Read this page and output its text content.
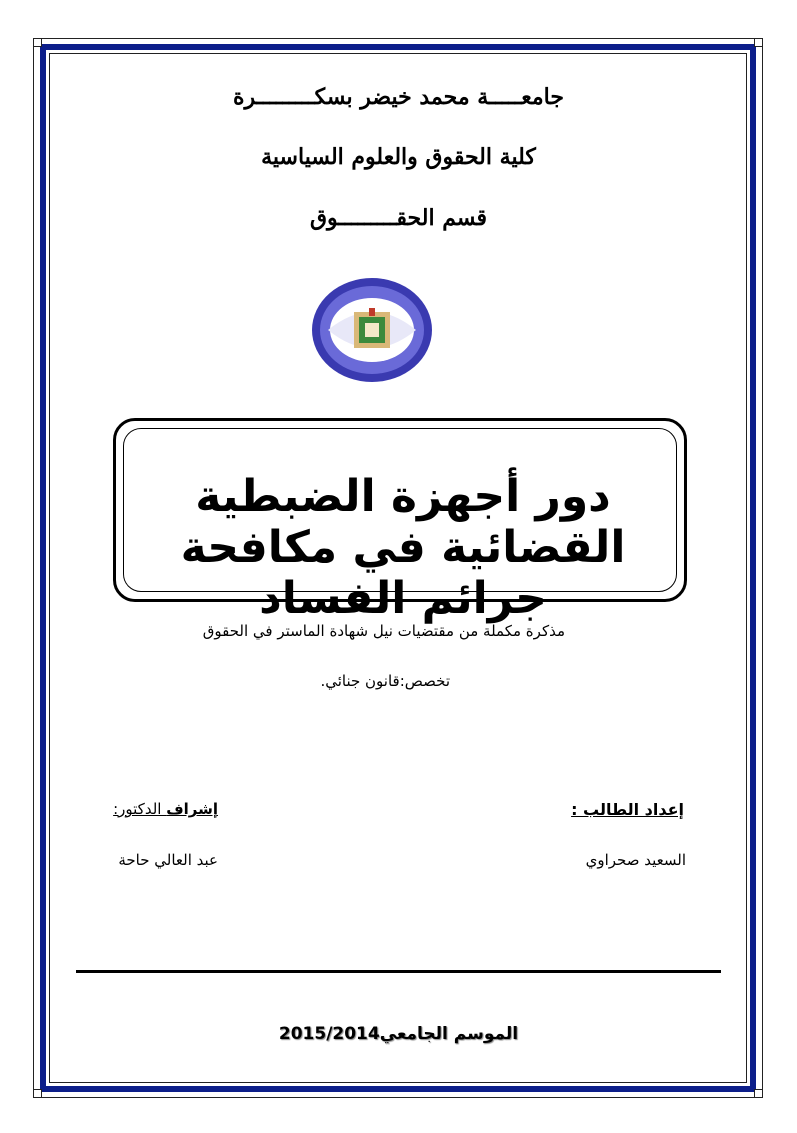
جامعـــــة محمد خيضر بسكـــــــــرة
كلية الحقوق والعلوم السياسية
قسم الحقـــــــــوق
دور أجهزة الضبطية القضائية في مكافحة جرائم الفساد
مذكرة مكملة من مقتضيات نيل شهادة الماستر في الحقوق
تخصص:قانون جنائي.
إعداد الطالب :
إشراف الدكتور:
السعيد صحراوي
عبد العالي حاحة
الموسم الجامعي2015/2014
